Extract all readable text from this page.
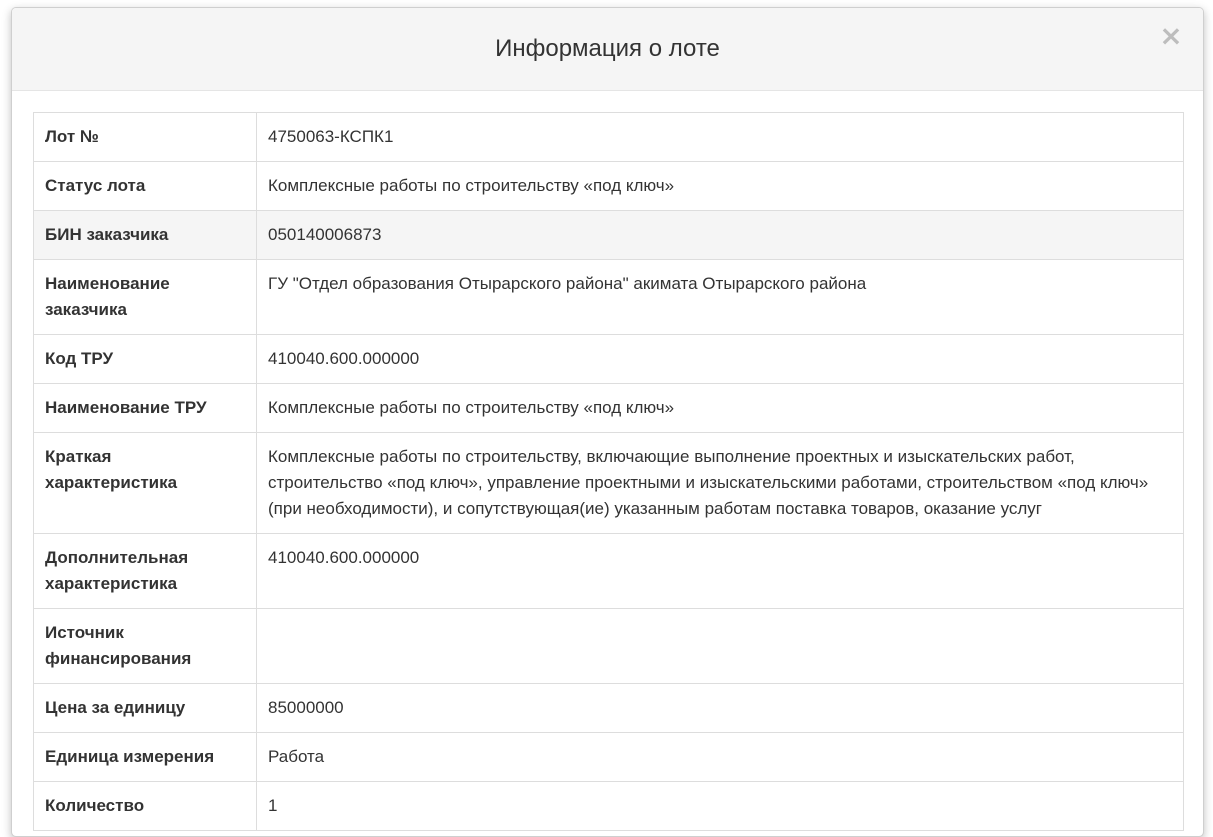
Информация о лоте	×
Лот №	4750063-КСПК1
Статус лота	Комплексные работы по строительству «под ключ»
БИН заказчика	050140006873
Наименование заказчика	ГУ "Отдел образования Отырарского района" акимата Отырарского района
Код ТРУ	410040.600.000000
Наименование ТРУ	Комплексные работы по строительству «под ключ»
Краткая характеристика	Комплексные работы по строительству, включающие выполнение проектных и изыскательских работ, строительство «под ключ», управление проектными и изыскательскими работами, строительством «под ключ» (при необходимости), и сопутствующая(ие) указанным работам поставка товаров, оказание услуг
Дополнительная характеристика	410040.600.000000
Источник финансирования	
Цена за единицу	85000000
Единица измерения	Работа
Количество	1
